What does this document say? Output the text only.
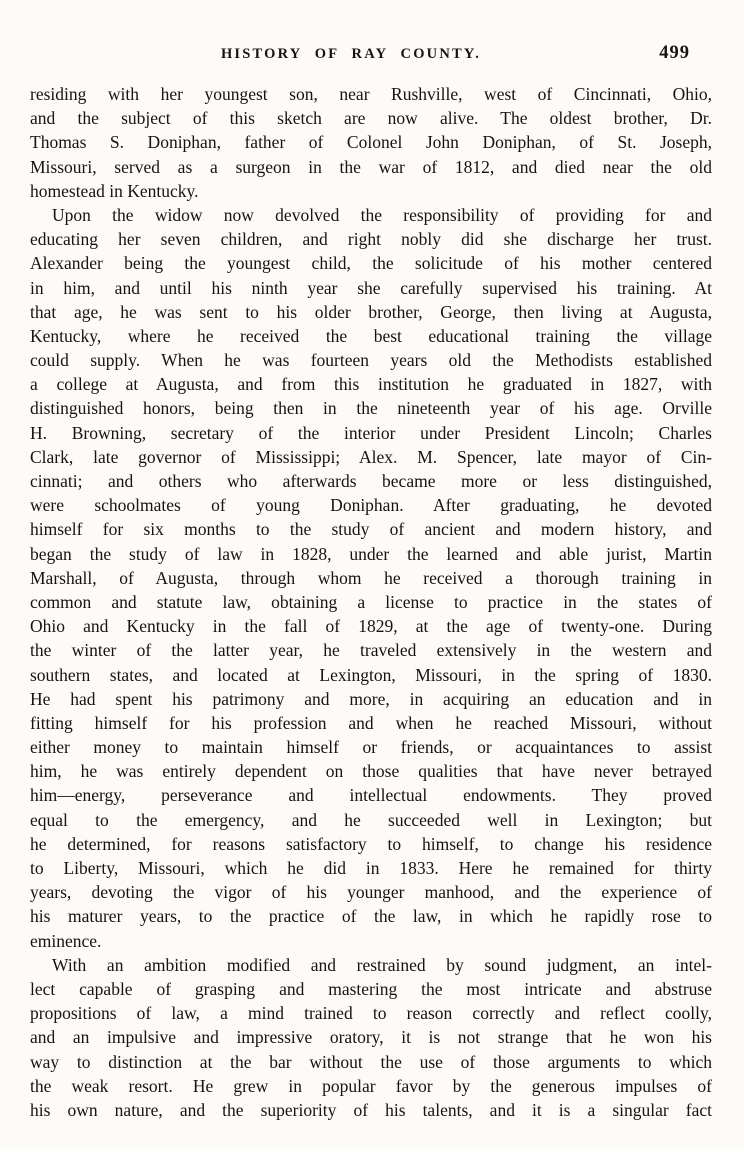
HISTORY OF RAY COUNTY.	499
residing with her youngest son, near Rushville, west of Cincinnati, Ohio,
and the subject of this sketch are now alive. The oldest brother, Dr.
Thomas S. Doniphan, father of Colonel John Doniphan, of St. Joseph,
Missouri, served as a surgeon in the war of 1812, and died near the old
homestead in Kentucky.
Upon the widow now devolved the responsibility of providing for and
educating her seven children, and right nobly did she discharge her trust.
Alexander being the youngest child, the solicitude of his mother centered
in him, and until his ninth year she carefully supervised his training. At
that age, he was sent to his older brother, George, then living at Augusta,
Kentucky, where he received the best educational training the village
could supply. When he was fourteen years old the Methodists established
a college at Augusta, and from this institution he graduated in 1827, with
distinguished honors, being then in the nineteenth year of his age. Orville
H. Browning, secretary of the interior under President Lincoln; Charles
Clark, late governor of Mississippi; Alex. M. Spencer, late mayor of Cin-
cinnati; and others who afterwards became more or less distinguished,
were schoolmates of young Doniphan. After graduating, he devoted
himself for six months to the study of ancient and modern history, and
began the study of law in 1828, under the learned and able jurist, Martin
Marshall, of Augusta, through whom he received a thorough training in
common and statute law, obtaining a license to practice in the states of
Ohio and Kentucky in the fall of 1829, at the age of twenty-one. During
the winter of the latter year, he traveled extensively in the western and
southern states, and located at Lexington, Missouri, in the spring of 1830.
He had spent his patrimony and more, in acquiring an education and in
fitting himself for his profession and when he reached Missouri, without
either money to maintain himself or friends, or acquaintances to assist
him, he was entirely dependent on those qualities that have never betrayed
him—energy, perseverance and intellectual endowments. They proved
equal to the emergency, and he succeeded well in Lexington; but
he determined, for reasons satisfactory to himself, to change his residence
to Liberty, Missouri, which he did in 1833. Here he remained for thirty
years, devoting the vigor of his younger manhood, and the experience of
his maturer years, to the practice of the law, in which he rapidly rose to
eminence.
With an ambition modified and restrained by sound judgment, an intel-
lect capable of grasping and mastering the most intricate and abstruse
propositions of law, a mind trained to reason correctly and reflect coolly,
and an impulsive and impressive oratory, it is not strange that he won his
way to distinction at the bar without the use of those arguments to which
the weak resort. He grew in popular favor by the generous impulses of
his own nature, and the superiority of his talents, and it is a singular fact
